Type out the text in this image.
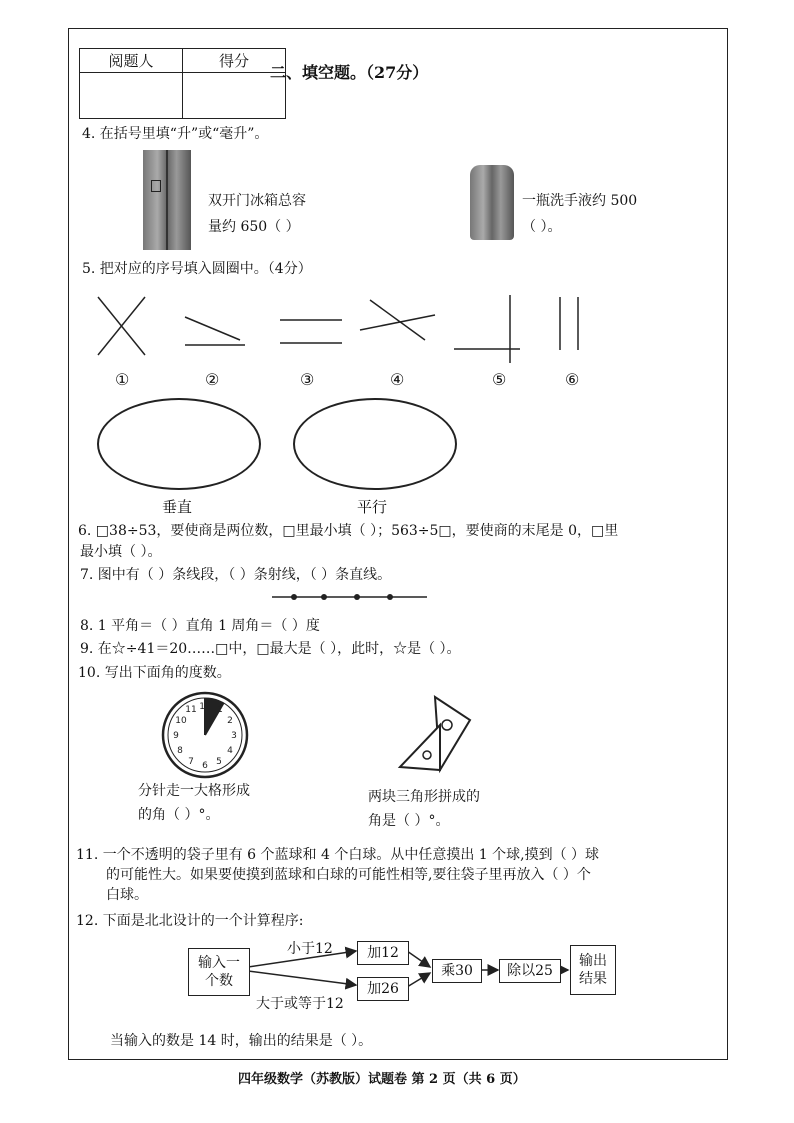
阅题人	得分

二、填空题。（27分）
4. 在括号里填“升”或“毫升”。
双开门冰箱总容
量约 650（ ）
一瓶洗手液约 500
（ ）。
5. 把对应的序号填入圆圈中。（4分）
①	②	③	④	⑤	⑥
垂直	平行
6. □38÷53，要使商是两位数，□里最小填（ ）；563÷5□，要使商的末尾是 0，□里
最小填（ ）。
7. 图中有（ ）条线段，（ ）条射线，（ ）条直线。
8. 1 平角＝（ ）直角 1 周角＝（ ）度
9. 在☆÷41＝20……□中，□最大是（ ），此时，☆是（ ）。
10. 写出下面角的度数。
12 1
2
3
4
5
6
7
8
9
10
11
分针走一大格形成
的角（ ）°。
两块三角形拼成的
角是（ ）°。
11. 一个不透明的袋子里有 6 个蓝球和 4 个白球。从中任意摸出 1 个球,摸到（ ）球
的可能性大。如果要使摸到蓝球和白球的可能性相等,要往袋子里再放入（ ）个
白球。
12. 下面是北北设计的一个计算程序:
输入一个数
小于12
大于或等于12
加12
加26
乘30	除以25
输出结果
当输入的数是 14 时，输出的结果是（ ）。
四年级数学（苏教版）试题卷 第 2 页（共 6 页）
